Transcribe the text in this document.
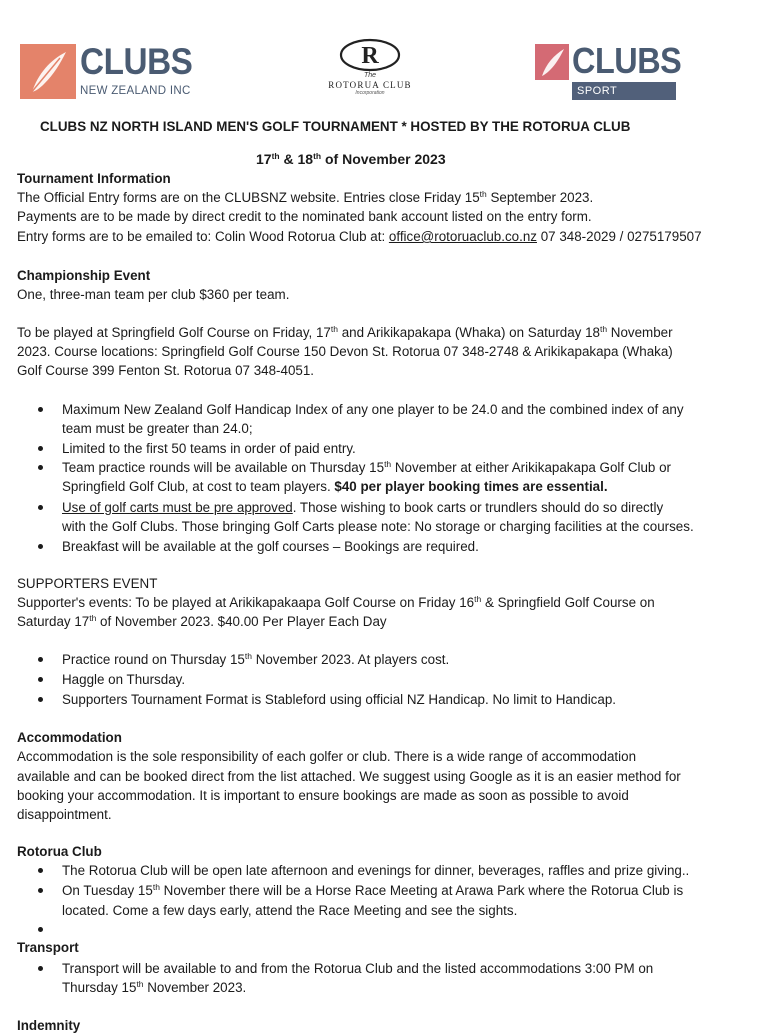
CLUBS
NEW ZEALAND INC
R
The
ROTORUA CLUB
Incorporation
CLUBS
SPORT
CLUBS NZ NORTH ISLAND MEN'S GOLF TOURNAMENT * HOSTED BY THE ROTORUA CLUB
17th & 18th of November 2023
Tournament Information
The Official Entry forms are on the CLUBSNZ website. Entries close Friday 15th September 2023.
Payments are to be made by direct credit to the nominated bank account listed on the entry form.
Entry forms are to be emailed to: Colin Wood Rotorua Club at: office@rotoruaclub.co.nz 07 348-2029 / 0275179507
Championship Event
One, three-man team per club $360 per team.
To be played at Springfield Golf Course on Friday, 17th and Arikikapakapa (Whaka) on Saturday 18th November
2023. Course locations: Springfield Golf Course 150 Devon St. Rotorua 07 348-2748 & Arikikapakapa (Whaka)
Golf Course 399 Fenton St. Rotorua 07 348-4051.
Maximum New Zealand Golf Handicap Index of any one player to be 24.0 and the combined index of any
team must be greater than 24.0;
Limited to the first 50 teams in order of paid entry.
Team practice rounds will be available on Thursday 15th November at either Arikikapakapa Golf Club or
Springfield Golf Club, at cost to team players. $40 per player booking times are essential.
Use of golf carts must be pre approved. Those wishing to book carts or trundlers should do so directly
with the Golf Clubs. Those bringing Golf Carts please note: No storage or charging facilities at the courses.
Breakfast will be available at the golf courses – Bookings are required.
SUPPORTERS EVENT
Supporter's events: To be played at Arikikapakaapa Golf Course on Friday 16th & Springfield Golf Course on
Saturday 17th of November 2023. $40.00 Per Player Each Day
Practice round on Thursday 15th November 2023. At players cost.
Haggle on Thursday.
Supporters Tournament Format is Stableford using official NZ Handicap. No limit to Handicap.
Accommodation
Accommodation is the sole responsibility of each golfer or club. There is a wide range of accommodation
available and can be booked direct from the list attached. We suggest using Google as it is an easier method for
booking your accommodation. It is important to ensure bookings are made as soon as possible to avoid
disappointment.
Rotorua Club
The Rotorua Club will be open late afternoon and evenings for dinner, beverages, raffles and prize giving..
On Tuesday 15th November there will be a Horse Race Meeting at Arawa Park where the Rotorua Club is
located. Come a few days early, attend the Race Meeting and see the sights.
Transport
Transport will be available to and from the Rotorua Club and the listed accommodations 3:00 PM on
Thursday 15th November 2023.
Indemnity
